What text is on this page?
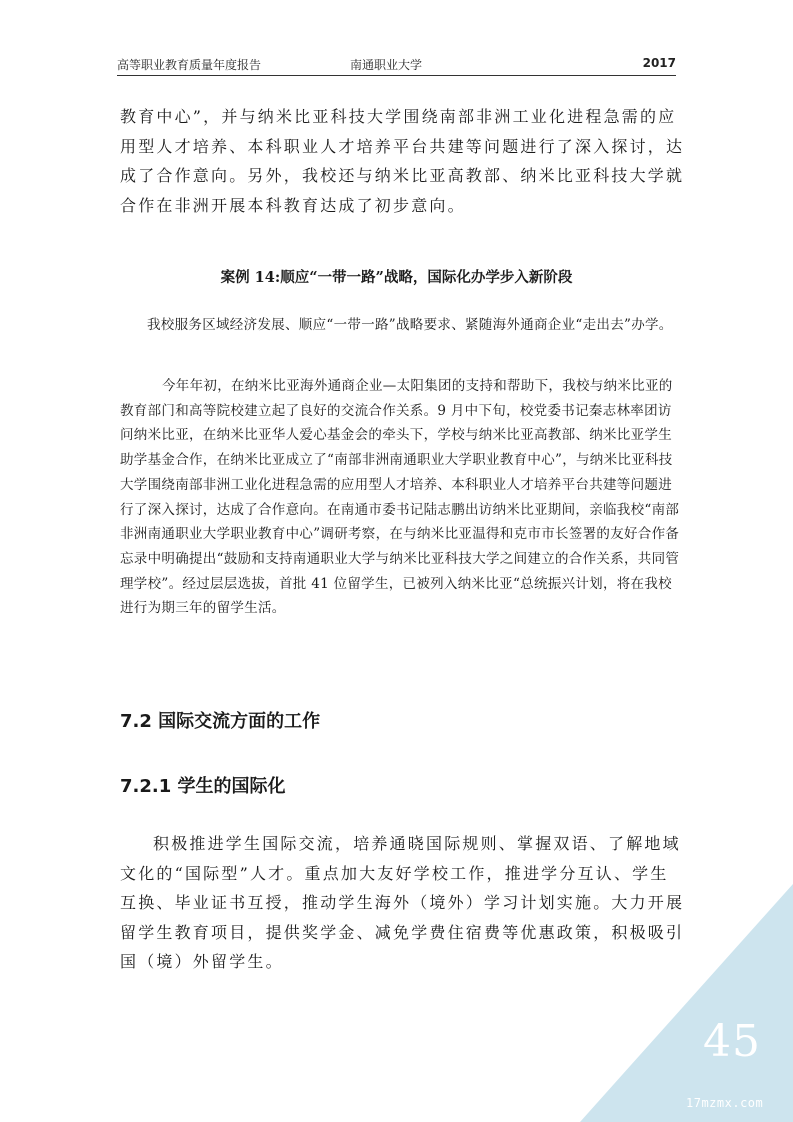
高等职业教育质量年度报告	南通职业大学	2017

教育中心”，并与纳米比亚科技大学围绕南部非洲工业化进程急需的应用型人才培养、本科职业人才培养平台共建等问题进行了深入探讨，达成了合作意向。另外，我校还与纳米比亚高教部、纳米比亚科技大学就合作在非洲开展本科教育达成了初步意向。

案例 14:顺应“一带一路”战略，国际化办学步入新阶段

我校服务区域经济发展、顺应“一带一路”战略要求、紧随海外通商企业“走出去”办学。

今年年初，在纳米比亚海外通商企业—太阳集团的支持和帮助下，我校与纳米比亚的教育部门和高等院校建立起了良好的交流合作关系。9 月中下旬，校党委书记秦志林率团访问纳米比亚，在纳米比亚华人爱心基金会的牵头下，学校与纳米比亚高教部、纳米比亚学生助学基金合作，在纳米比亚成立了“南部非洲南通职业大学职业教育中心”，与纳米比亚科技大学围绕南部非洲工业化进程急需的应用型人才培养、本科职业人才培养平台共建等问题进行了深入探讨，达成了合作意向。在南通市委书记陆志鹏出访纳米比亚期间，亲临我校“南部非洲南通职业大学职业教育中心”调研考察，在与纳米比亚温得和克市市长签署的友好合作备忘录中明确提出“鼓励和支持南通职业大学与纳米比亚科技大学之间建立的合作关系，共同管理学校”。经过层层选拔，首批 41 位留学生，已被列入纳米比亚“总统振兴计划，将在我校进行为期三年的留学生活。

7.2 国际交流方面的工作
7.2.1 学生的国际化

积极推进学生国际交流，培养通晓国际规则、掌握双语、了解地域文化的“国际型”人才。重点加大友好学校工作，推进学分互认、学生互换、毕业证书互授，推动学生海外（境外）学习计划实施。大力开展留学生教育项目，提供奖学金、减免学费住宿费等优惠政策，积极吸引国（境）外留学生。

45
17mzmx.com
